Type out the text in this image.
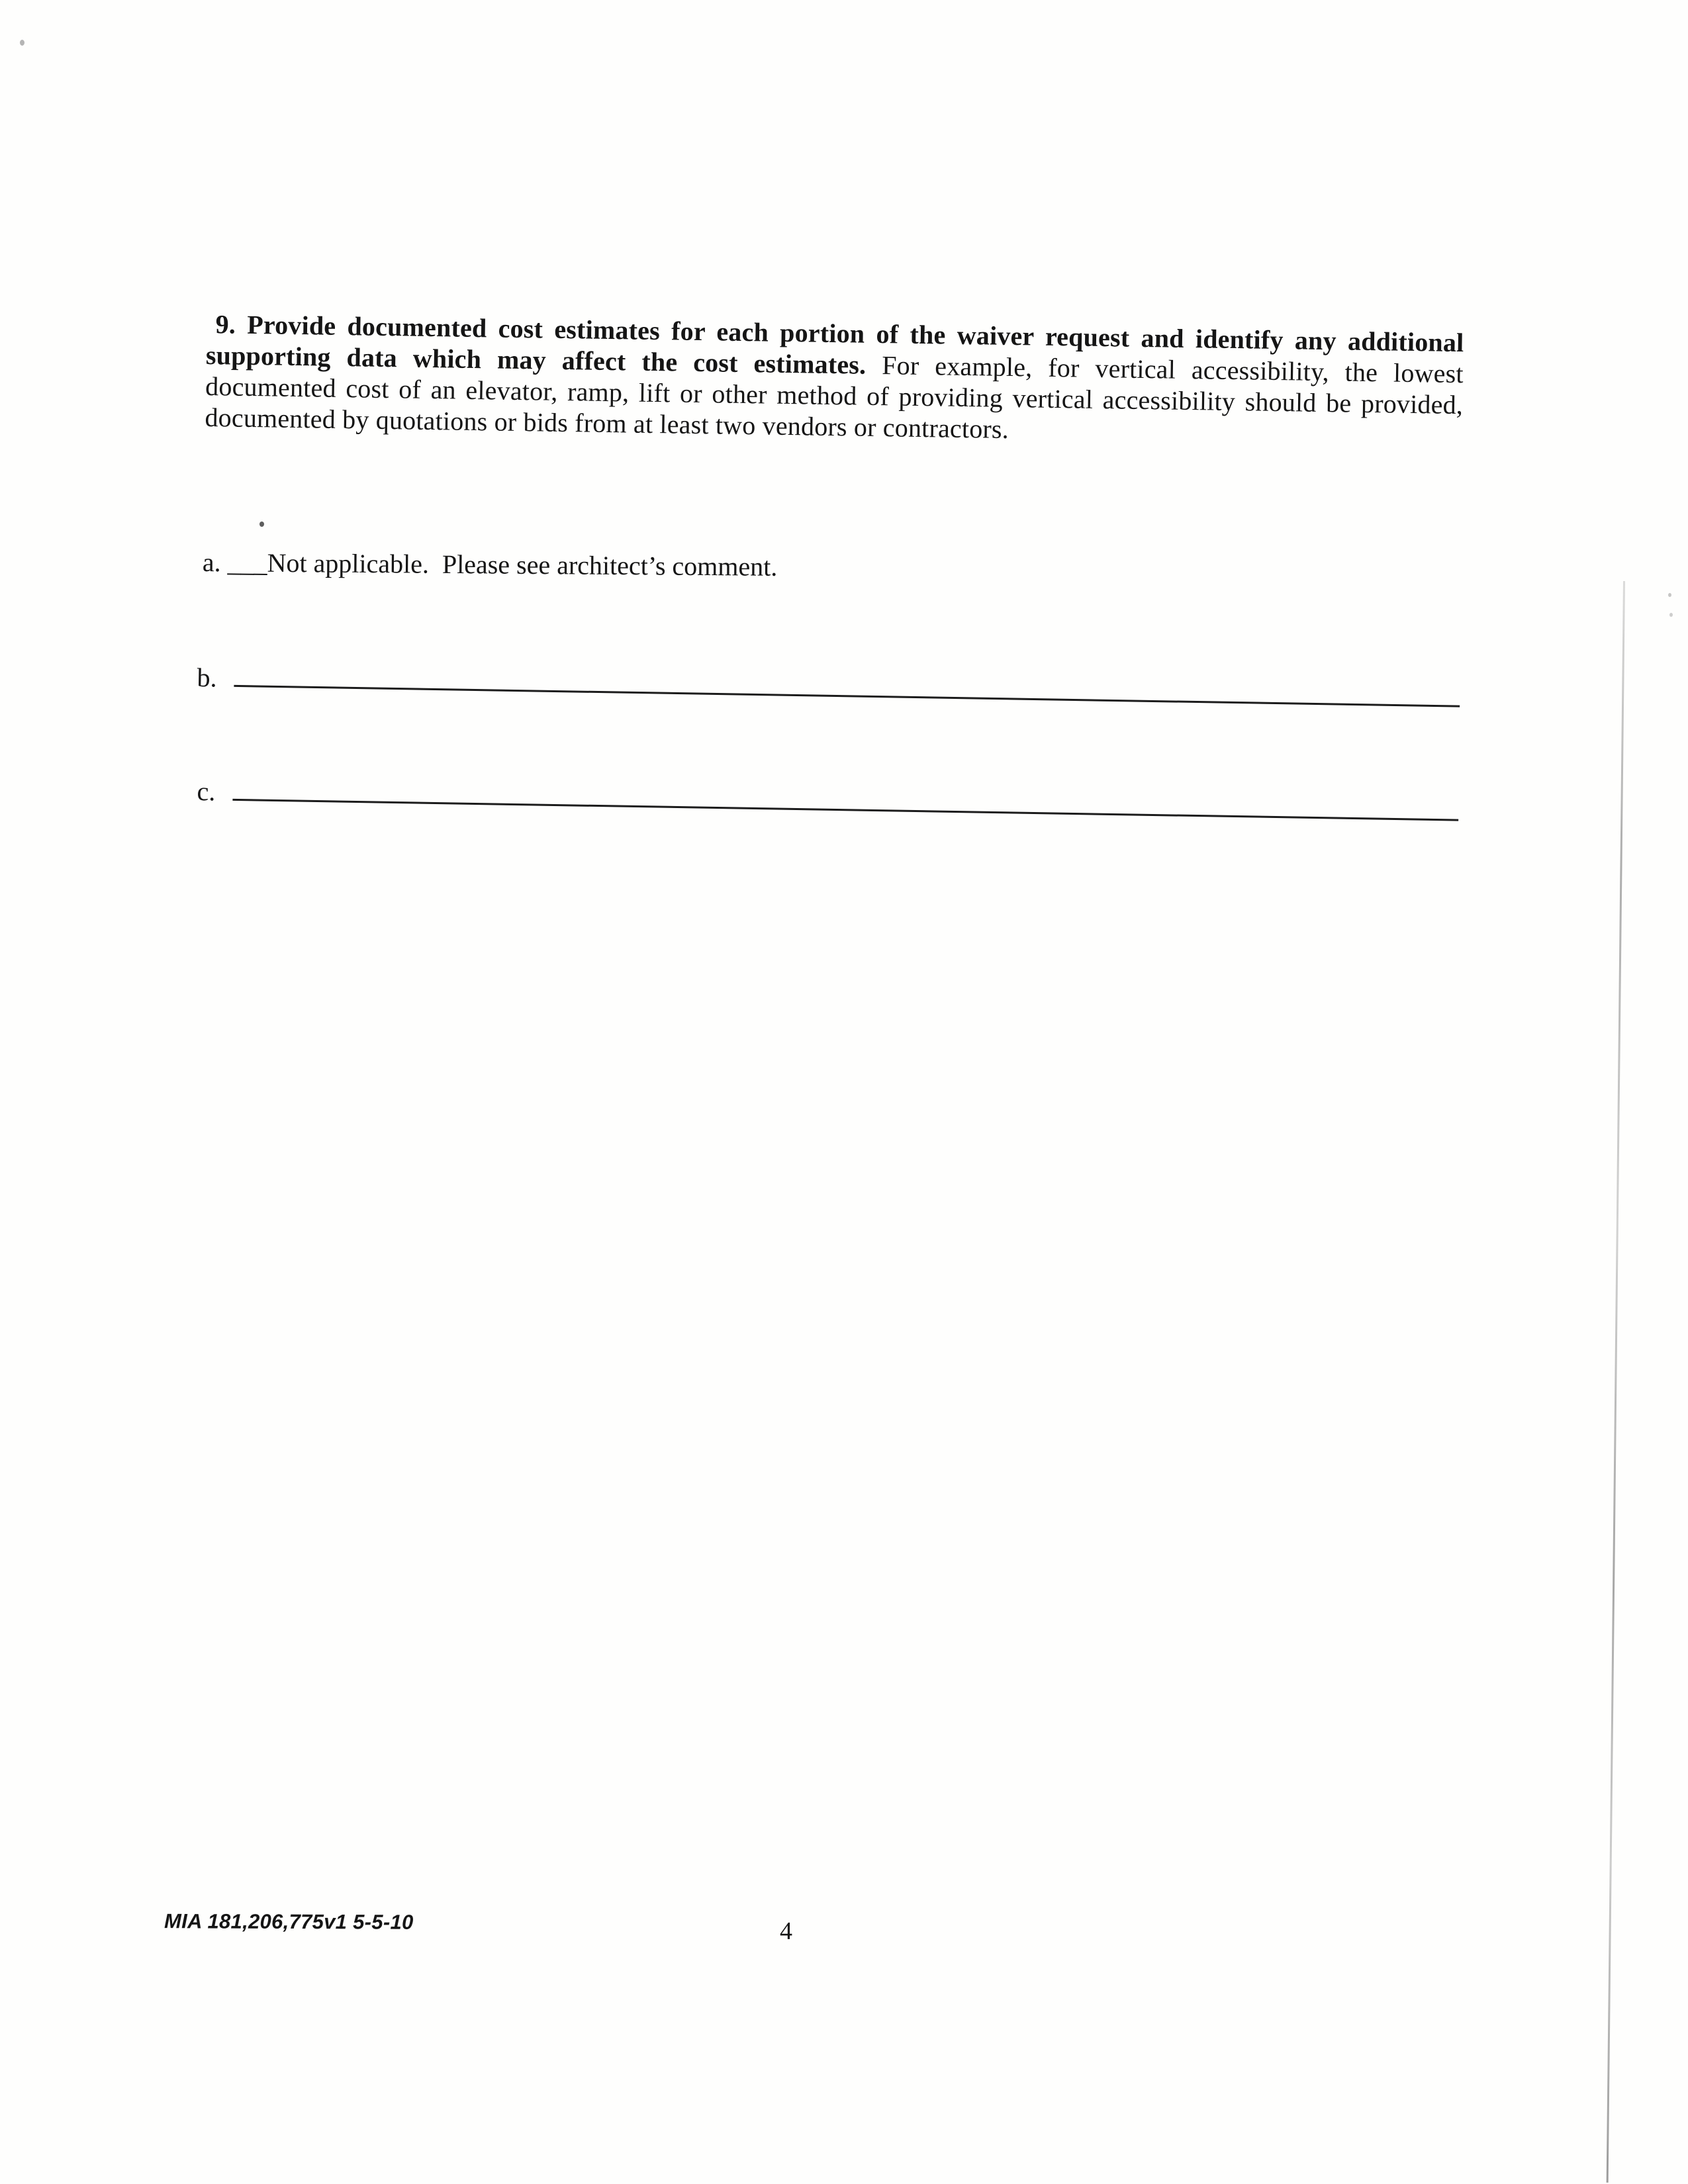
9. Provide documented cost estimates for each portion of the waiver request and identify any additional supporting data which may affect the cost estimates. For example, for vertical accessibility, the lowest documented cost of an elevator, ramp, lift or other method of providing vertical accessibility should be provided, documented by quotations or bids from at least two vendors or contractors.

a. ___Not applicable.  Please see architect’s comment.
b.
c.
MIA 181,206,775v1 5-5-10	4
